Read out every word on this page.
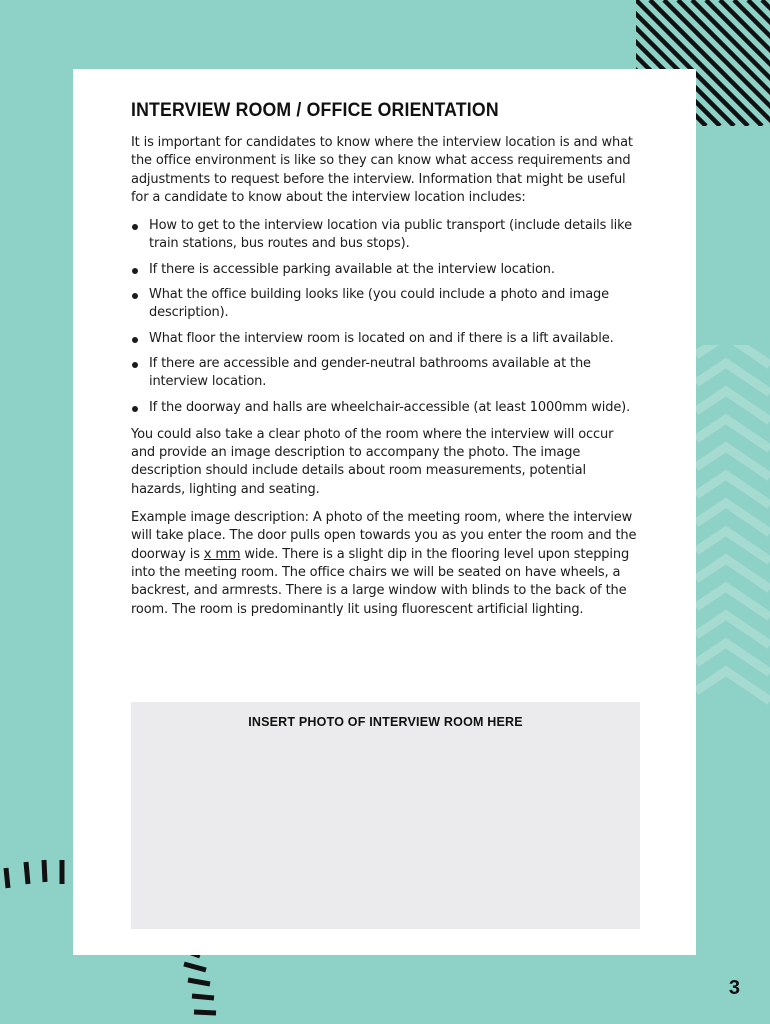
INTERVIEW ROOM / OFFICE ORIENTATION

It is important for candidates to know where the interview location is and what the office environment is like so they can know what access requirements and adjustments to request before the interview. Information that might be useful for a candidate to know about the interview location includes:

How to get to the interview location via public transport (include details like train stations, bus routes and bus stops).
If there is accessible parking available at the interview location.
What the office building looks like (you could include a photo and image description).
What floor the interview room is located on and if there is a lift available.
If there are accessible and gender-neutral bathrooms available at the interview location.
If the doorway and halls are wheelchair-accessible (at least 1000mm wide).

You could also take a clear photo of the room where the interview will occur and provide an image description to accompany the photo. The image description should include details about room measurements, potential hazards, lighting and seating.

Example image description: A photo of the meeting room, where the interview will take place. The door pulls open towards you as you enter the room and the doorway is x mm wide. There is a slight dip in the flooring level upon stepping into the meeting room. The office chairs we will be seated on have wheels, a backrest, and armrests. There is a large window with blinds to the back of the room. The room is predominantly lit using fluorescent artificial lighting.

INSERT PHOTO OF INTERVIEW ROOM HERE
3
